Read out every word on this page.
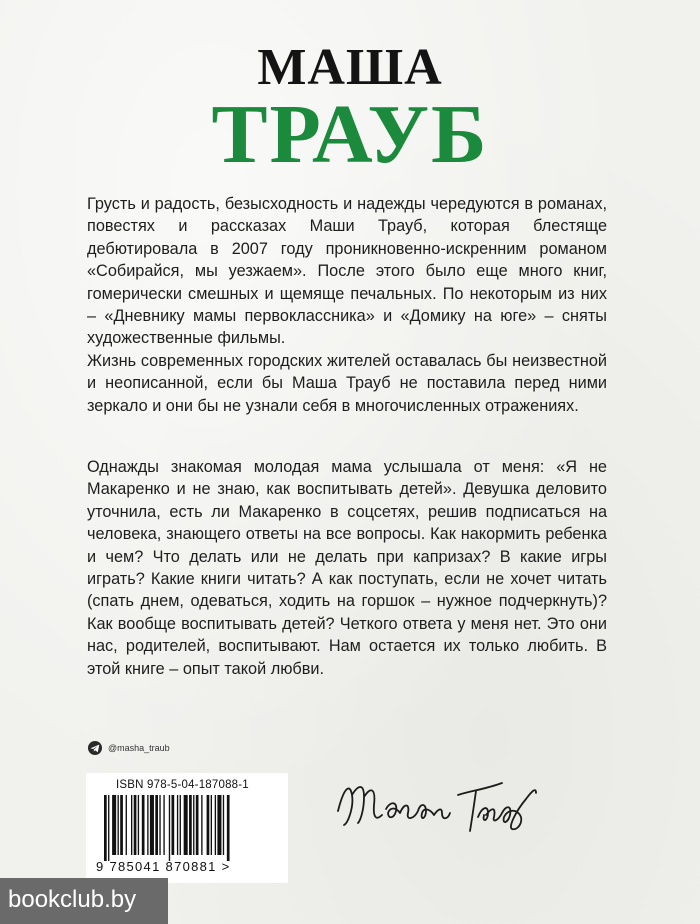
МАША
ТРАУБ

Грусть и радость, безысходность и надежды чередуются в романах, повестях и рассказах Маши Трауб, которая блестяще дебютировала в 2007 году проникновенно-искренним романом «Собирайся, мы уезжаем». После этого было еще много книг, гомерически смешных и щемяще печальных. По некоторым из них – «Дневнику мамы первоклассника» и «Домику на юге» – сняты художественные фильмы.

Жизнь современных городских жителей оставалась бы неизвестной и неописанной, если бы Маша Трауб не поставила перед ними зеркало и они бы не узнали себя в многочисленных отражениях.

Однажды знакомая молодая мама услышала от меня: «Я не Макаренко и не знаю, как воспитывать детей». Девушка деловито уточнила, есть ли Макаренко в соцсетях, решив подписаться на человека, знающего ответы на все вопросы. Как накормить ребенка и чем? Что делать или не делать при капризах? В какие игры играть? Какие книги читать? А как поступать, если не хочет читать (спать днем, одеваться, ходить на горшок – нужное подчеркнуть)? Как вообще воспитывать детей? Четкого ответа у меня нет. Это они нас, родителей, воспитывают. Нам остается их только любить. В этой книге – опыт такой любви.

@masha_traub
ISBN 978-5-04-187088-1
9 785041 870881 >
bookclub.by
